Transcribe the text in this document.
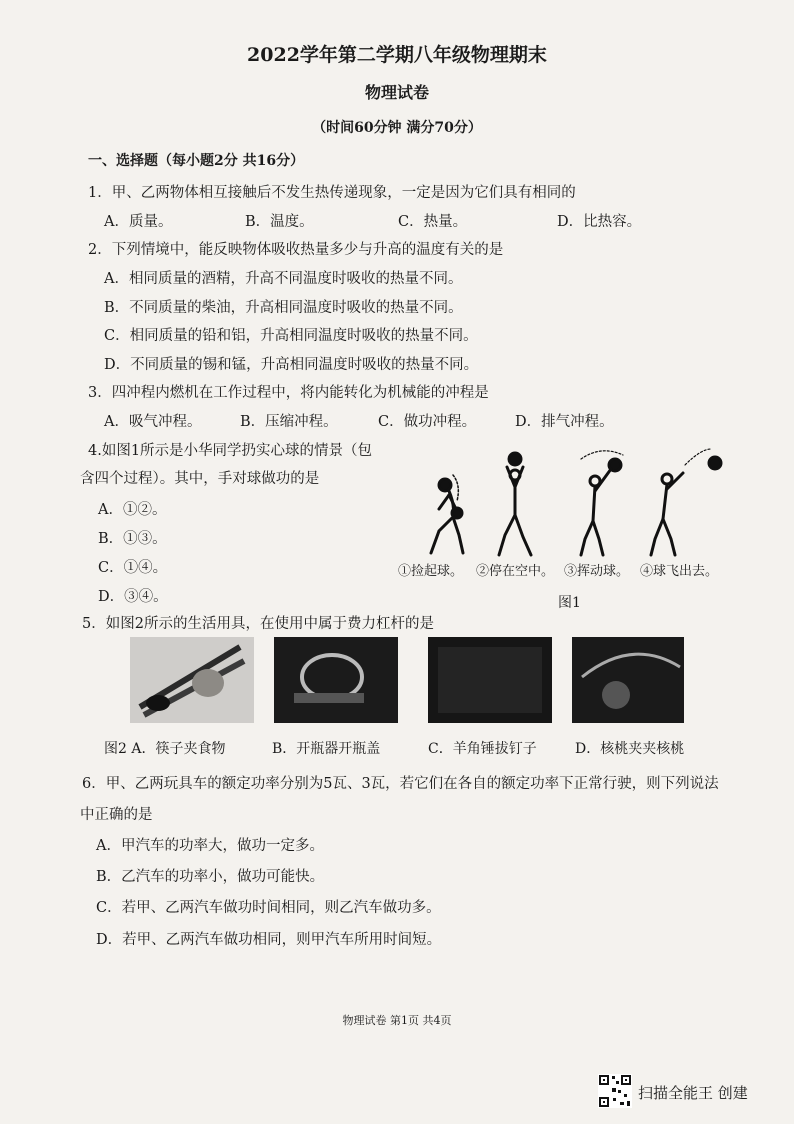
2022学年第二学期八年级物理期末
物理试卷
（时间60分钟 满分70分）
一、选择题（每小题2分 共16分）
1．甲、乙两物体相互接触后不发生热传递现象，一定是因为它们具有相同的
A．质量。	B．温度。	C．热量。	D．比热容。
2．下列情境中，能反映物体吸收热量多少与升高的温度有关的是
A．相同质量的酒精，升高不同温度时吸收的热量不同。
B．不同质量的柴油，升高相同温度时吸收的热量不同。
C．相同质量的铅和铝，升高相同温度时吸收的热量不同。
D．不同质量的锡和锰，升高相同温度时吸收的热量不同。
3．四冲程内燃机在工作过程中，将内能转化为机械能的冲程是
A．吸气冲程。	B．压缩冲程。	C．做功冲程。	D．排气冲程。
4.如图1所示是小华同学扔实心球的情景（包
含四个过程）。其中，手对球做功的是
A．①②。
B．①③。
C．①④。
D．③④。
①捡起球。 ②停在空中。 ③挥动球。 ④球飞出去。
图1
5．如图2所示的生活用具，在使用中属于费力杠杆的是
图2 A．筷子夹食物	B．开瓶器开瓶盖	C．羊角锤拔钉子	D．核桃夹夹核桃
6．甲、乙两玩具车的额定功率分别为5瓦、3瓦，若它们在各自的额定功率下正常行驶，则下列说法
中正确的是
A．甲汽车的功率大，做功一定多。
B．乙汽车的功率小，做功可能快。
C．若甲、乙两汽车做功时间相同，则乙汽车做功多。
D．若甲、乙两汽车做功相同，则甲汽车所用时间短。
物理试卷 第1页 共4页
扫描全能王 创建
